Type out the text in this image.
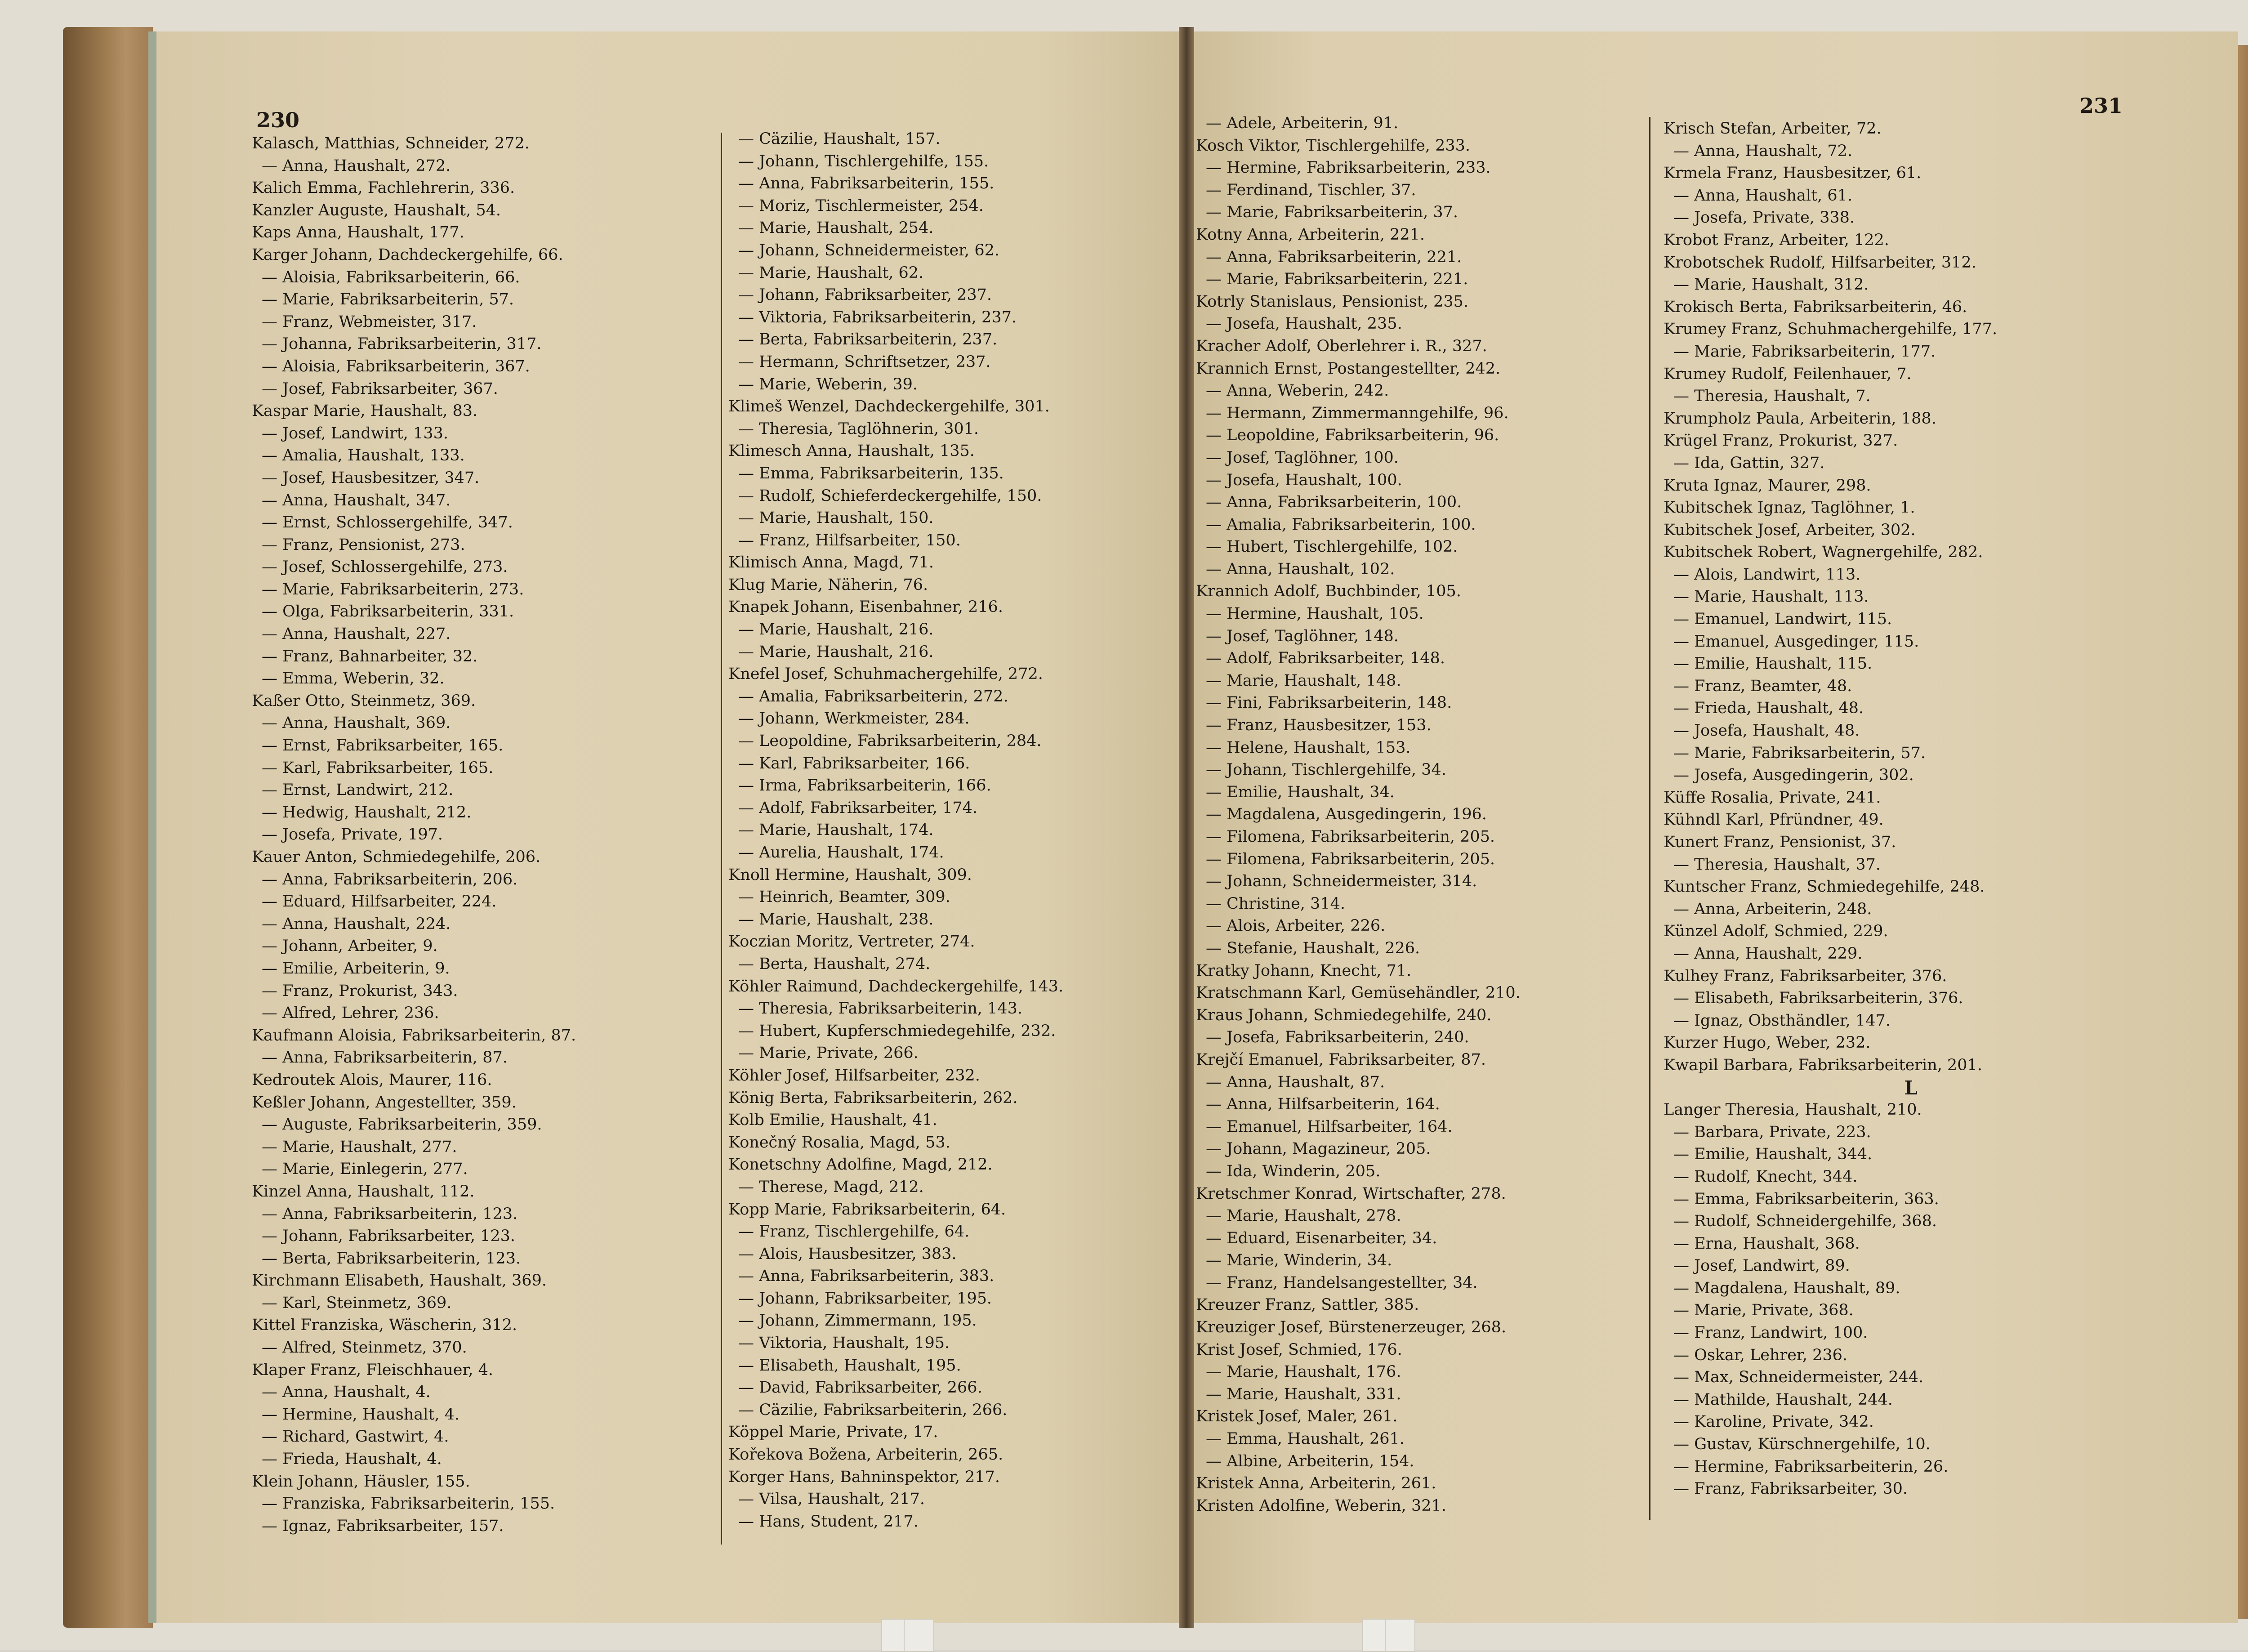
230
231
Kalasch, Matthias, Schneider, 272.
— Anna, Haushalt, 272.
Kalich Emma, Fachlehrerin, 336.
Kanzler Auguste, Haushalt, 54.
Kaps Anna, Haushalt, 177.
Karger Johann, Dachdeckergehilfe, 66.
— Aloisia, Fabriksarbeiterin, 66.
— Marie, Fabriksarbeiterin, 57.
— Franz, Webmeister, 317.
— Johanna, Fabriksarbeiterin, 317.
— Aloisia, Fabriksarbeiterin, 367.
— Josef, Fabriksarbeiter, 367.
Kaspar Marie, Haushalt, 83.
— Josef, Landwirt, 133.
— Amalia, Haushalt, 133.
— Josef, Hausbesitzer, 347.
— Anna, Haushalt, 347.
— Ernst, Schlossergehilfe, 347.
— Franz, Pensionist, 273.
— Josef, Schlossergehilfe, 273.
— Marie, Fabriksarbeiterin, 273.
— Olga, Fabriksarbeiterin, 331.
— Anna, Haushalt, 227.
— Franz, Bahnarbeiter, 32.
— Emma, Weberin, 32.
Kaßer Otto, Steinmetz, 369.
— Anna, Haushalt, 369.
— Ernst, Fabriksarbeiter, 165.
— Karl, Fabriksarbeiter, 165.
— Ernst, Landwirt, 212.
— Hedwig, Haushalt, 212.
— Josefa, Private, 197.
Kauer Anton, Schmiedegehilfe, 206.
— Anna, Fabriksarbeiterin, 206.
— Eduard, Hilfsarbeiter, 224.
— Anna, Haushalt, 224.
— Johann, Arbeiter, 9.
— Emilie, Arbeiterin, 9.
— Franz, Prokurist, 343.
— Alfred, Lehrer, 236.
Kaufmann Aloisia, Fabriksarbeiterin, 87.
— Anna, Fabriksarbeiterin, 87.
Kedroutek Alois, Maurer, 116.
Keßler Johann, Angestellter, 359.
— Auguste, Fabriksarbeiterin, 359.
— Marie, Haushalt, 277.
— Marie, Einlegerin, 277.
Kinzel Anna, Haushalt, 112.
— Anna, Fabriksarbeiterin, 123.
— Johann, Fabriksarbeiter, 123.
— Berta, Fabriksarbeiterin, 123.
Kirchmann Elisabeth, Haushalt, 369.
— Karl, Steinmetz, 369.
Kittel Franziska, Wäscherin, 312.
— Alfred, Steinmetz, 370.
Klaper Franz, Fleischhauer, 4.
— Anna, Haushalt, 4.
— Hermine, Haushalt, 4.
— Richard, Gastwirt, 4.
— Frieda, Haushalt, 4.
Klein Johann, Häusler, 155.
— Franziska, Fabriksarbeiterin, 155.
— Ignaz, Fabriksarbeiter, 157.
— Cäzilie, Haushalt, 157.
— Johann, Tischlergehilfe, 155.
— Anna, Fabriksarbeiterin, 155.
— Moriz, Tischlermeister, 254.
— Marie, Haushalt, 254.
— Johann, Schneidermeister, 62.
— Marie, Haushalt, 62.
— Johann, Fabriksarbeiter, 237.
— Viktoria, Fabriksarbeiterin, 237.
— Berta, Fabriksarbeiterin, 237.
— Hermann, Schriftsetzer, 237.
— Marie, Weberin, 39.
Klimeš Wenzel, Dachdeckergehilfe, 301.
— Theresia, Taglöhnerin, 301.
Klimesch Anna, Haushalt, 135.
— Emma, Fabriksarbeiterin, 135.
— Rudolf, Schieferdeckergehilfe, 150.
— Marie, Haushalt, 150.
— Franz, Hilfsarbeiter, 150.
Klimisch Anna, Magd, 71.
Klug Marie, Näherin, 76.
Knapek Johann, Eisenbahner, 216.
— Marie, Haushalt, 216.
— Marie, Haushalt, 216.
Knefel Josef, Schuhmachergehilfe, 272.
— Amalia, Fabriksarbeiterin, 272.
— Johann, Werkmeister, 284.
— Leopoldine, Fabriksarbeiterin, 284.
— Karl, Fabriksarbeiter, 166.
— Irma, Fabriksarbeiterin, 166.
— Adolf, Fabriksarbeiter, 174.
— Marie, Haushalt, 174.
— Aurelia, Haushalt, 174.
Knoll Hermine, Haushalt, 309.
— Heinrich, Beamter, 309.
— Marie, Haushalt, 238.
Koczian Moritz, Vertreter, 274.
— Berta, Haushalt, 274.
Köhler Raimund, Dachdeckergehilfe, 143.
— Theresia, Fabriksarbeiterin, 143.
— Hubert, Kupferschmiedegehilfe, 232.
— Marie, Private, 266.
Köhler Josef, Hilfsarbeiter, 232.
König Berta, Fabriksarbeiterin, 262.
Kolb Emilie, Haushalt, 41.
Konečný Rosalia, Magd, 53.
Konetschny Adolfine, Magd, 212.
— Therese, Magd, 212.
Kopp Marie, Fabriksarbeiterin, 64.
— Franz, Tischlergehilfe, 64.
— Alois, Hausbesitzer, 383.
— Anna, Fabriksarbeiterin, 383.
— Johann, Fabriksarbeiter, 195.
— Johann, Zimmermann, 195.
— Viktoria, Haushalt, 195.
— Elisabeth, Haushalt, 195.
— David, Fabriksarbeiter, 266.
— Cäzilie, Fabriksarbeiterin, 266.
Köppel Marie, Private, 17.
Kořekova Božena, Arbeiterin, 265.
Korger Hans, Bahninspektor, 217.
— Vilsa, Haushalt, 217.
— Hans, Student, 217.
— Adele, Arbeiterin, 91.
Kosch Viktor, Tischlergehilfe, 233.
— Hermine, Fabriksarbeiterin, 233.
— Ferdinand, Tischler, 37.
— Marie, Fabriksarbeiterin, 37.
Kotny Anna, Arbeiterin, 221.
— Anna, Fabriksarbeiterin, 221.
— Marie, Fabriksarbeiterin, 221.
Kotrly Stanislaus, Pensionist, 235.
— Josefa, Haushalt, 235.
Kracher Adolf, Oberlehrer i. R., 327.
Krannich Ernst, Postangestellter, 242.
— Anna, Weberin, 242.
— Hermann, Zimmermanngehilfe, 96.
— Leopoldine, Fabriksarbeiterin, 96.
— Josef, Taglöhner, 100.
— Josefa, Haushalt, 100.
— Anna, Fabriksarbeiterin, 100.
— Amalia, Fabriksarbeiterin, 100.
— Hubert, Tischlergehilfe, 102.
— Anna, Haushalt, 102.
Krannich Adolf, Buchbinder, 105.
— Hermine, Haushalt, 105.
— Josef, Taglöhner, 148.
— Adolf, Fabriksarbeiter, 148.
— Marie, Haushalt, 148.
— Fini, Fabriksarbeiterin, 148.
— Franz, Hausbesitzer, 153.
— Helene, Haushalt, 153.
— Johann, Tischlergehilfe, 34.
— Emilie, Haushalt, 34.
— Magdalena, Ausgedingerin, 196.
— Filomena, Fabriksarbeiterin, 205.
— Filomena, Fabriksarbeiterin, 205.
— Johann, Schneidermeister, 314.
— Christine, 314.
— Alois, Arbeiter, 226.
— Stefanie, Haushalt, 226.
Kratky Johann, Knecht, 71.
Kratschmann Karl, Gemüsehändler, 210.
Kraus Johann, Schmiedegehilfe, 240.
— Josefa, Fabriksarbeiterin, 240.
Krejčí Emanuel, Fabriksarbeiter, 87.
— Anna, Haushalt, 87.
— Anna, Hilfsarbeiterin, 164.
— Emanuel, Hilfsarbeiter, 164.
— Johann, Magazineur, 205.
— Ida, Winderin, 205.
Kretschmer Konrad, Wirtschafter, 278.
— Marie, Haushalt, 278.
— Eduard, Eisenarbeiter, 34.
— Marie, Winderin, 34.
— Franz, Handelsangestellter, 34.
Kreuzer Franz, Sattler, 385.
Kreuziger Josef, Bürstenerzeuger, 268.
Krist Josef, Schmied, 176.
— Marie, Haushalt, 176.
— Marie, Haushalt, 331.
Kristek Josef, Maler, 261.
— Emma, Haushalt, 261.
— Albine, Arbeiterin, 154.
Kristek Anna, Arbeiterin, 261.
Kristen Adolfine, Weberin, 321.
Krisch Stefan, Arbeiter, 72.
— Anna, Haushalt, 72.
Krmela Franz, Hausbesitzer, 61.
— Anna, Haushalt, 61.
— Josefa, Private, 338.
Krobot Franz, Arbeiter, 122.
Krobotschek Rudolf, Hilfsarbeiter, 312.
— Marie, Haushalt, 312.
Krokisch Berta, Fabriksarbeiterin, 46.
Krumey Franz, Schuhmachergehilfe, 177.
— Marie, Fabriksarbeiterin, 177.
Krumey Rudolf, Feilenhauer, 7.
— Theresia, Haushalt, 7.
Krumpholz Paula, Arbeiterin, 188.
Krügel Franz, Prokurist, 327.
— Ida, Gattin, 327.
Kruta Ignaz, Maurer, 298.
Kubitschek Ignaz, Taglöhner, 1.
Kubitschek Josef, Arbeiter, 302.
Kubitschek Robert, Wagnergehilfe, 282.
— Alois, Landwirt, 113.
— Marie, Haushalt, 113.
— Emanuel, Landwirt, 115.
— Emanuel, Ausgedinger, 115.
— Emilie, Haushalt, 115.
— Franz, Beamter, 48.
— Frieda, Haushalt, 48.
— Josefa, Haushalt, 48.
— Marie, Fabriksarbeiterin, 57.
— Josefa, Ausgedingerin, 302.
Küffe Rosalia, Private, 241.
Kühndl Karl, Pfründner, 49.
Kunert Franz, Pensionist, 37.
— Theresia, Haushalt, 37.
Kuntscher Franz, Schmiedegehilfe, 248.
— Anna, Arbeiterin, 248.
Künzel Adolf, Schmied, 229.
— Anna, Haushalt, 229.
Kulhey Franz, Fabriksarbeiter, 376.
— Elisabeth, Fabriksarbeiterin, 376.
— Ignaz, Obsthändler, 147.
Kurzer Hugo, Weber, 232.
Kwapil Barbara, Fabriksarbeiterin, 201.
L
Langer Theresia, Haushalt, 210.
— Barbara, Private, 223.
— Emilie, Haushalt, 344.
— Rudolf, Knecht, 344.
— Emma, Fabriksarbeiterin, 363.
— Rudolf, Schneidergehilfe, 368.
— Erna, Haushalt, 368.
— Josef, Landwirt, 89.
— Magdalena, Haushalt, 89.
— Marie, Private, 368.
— Franz, Landwirt, 100.
— Oskar, Lehrer, 236.
— Max, Schneidermeister, 244.
— Mathilde, Haushalt, 244.
— Karoline, Private, 342.
— Gustav, Kürschnergehilfe, 10.
— Hermine, Fabriksarbeiterin, 26.
— Franz, Fabriksarbeiter, 30.
